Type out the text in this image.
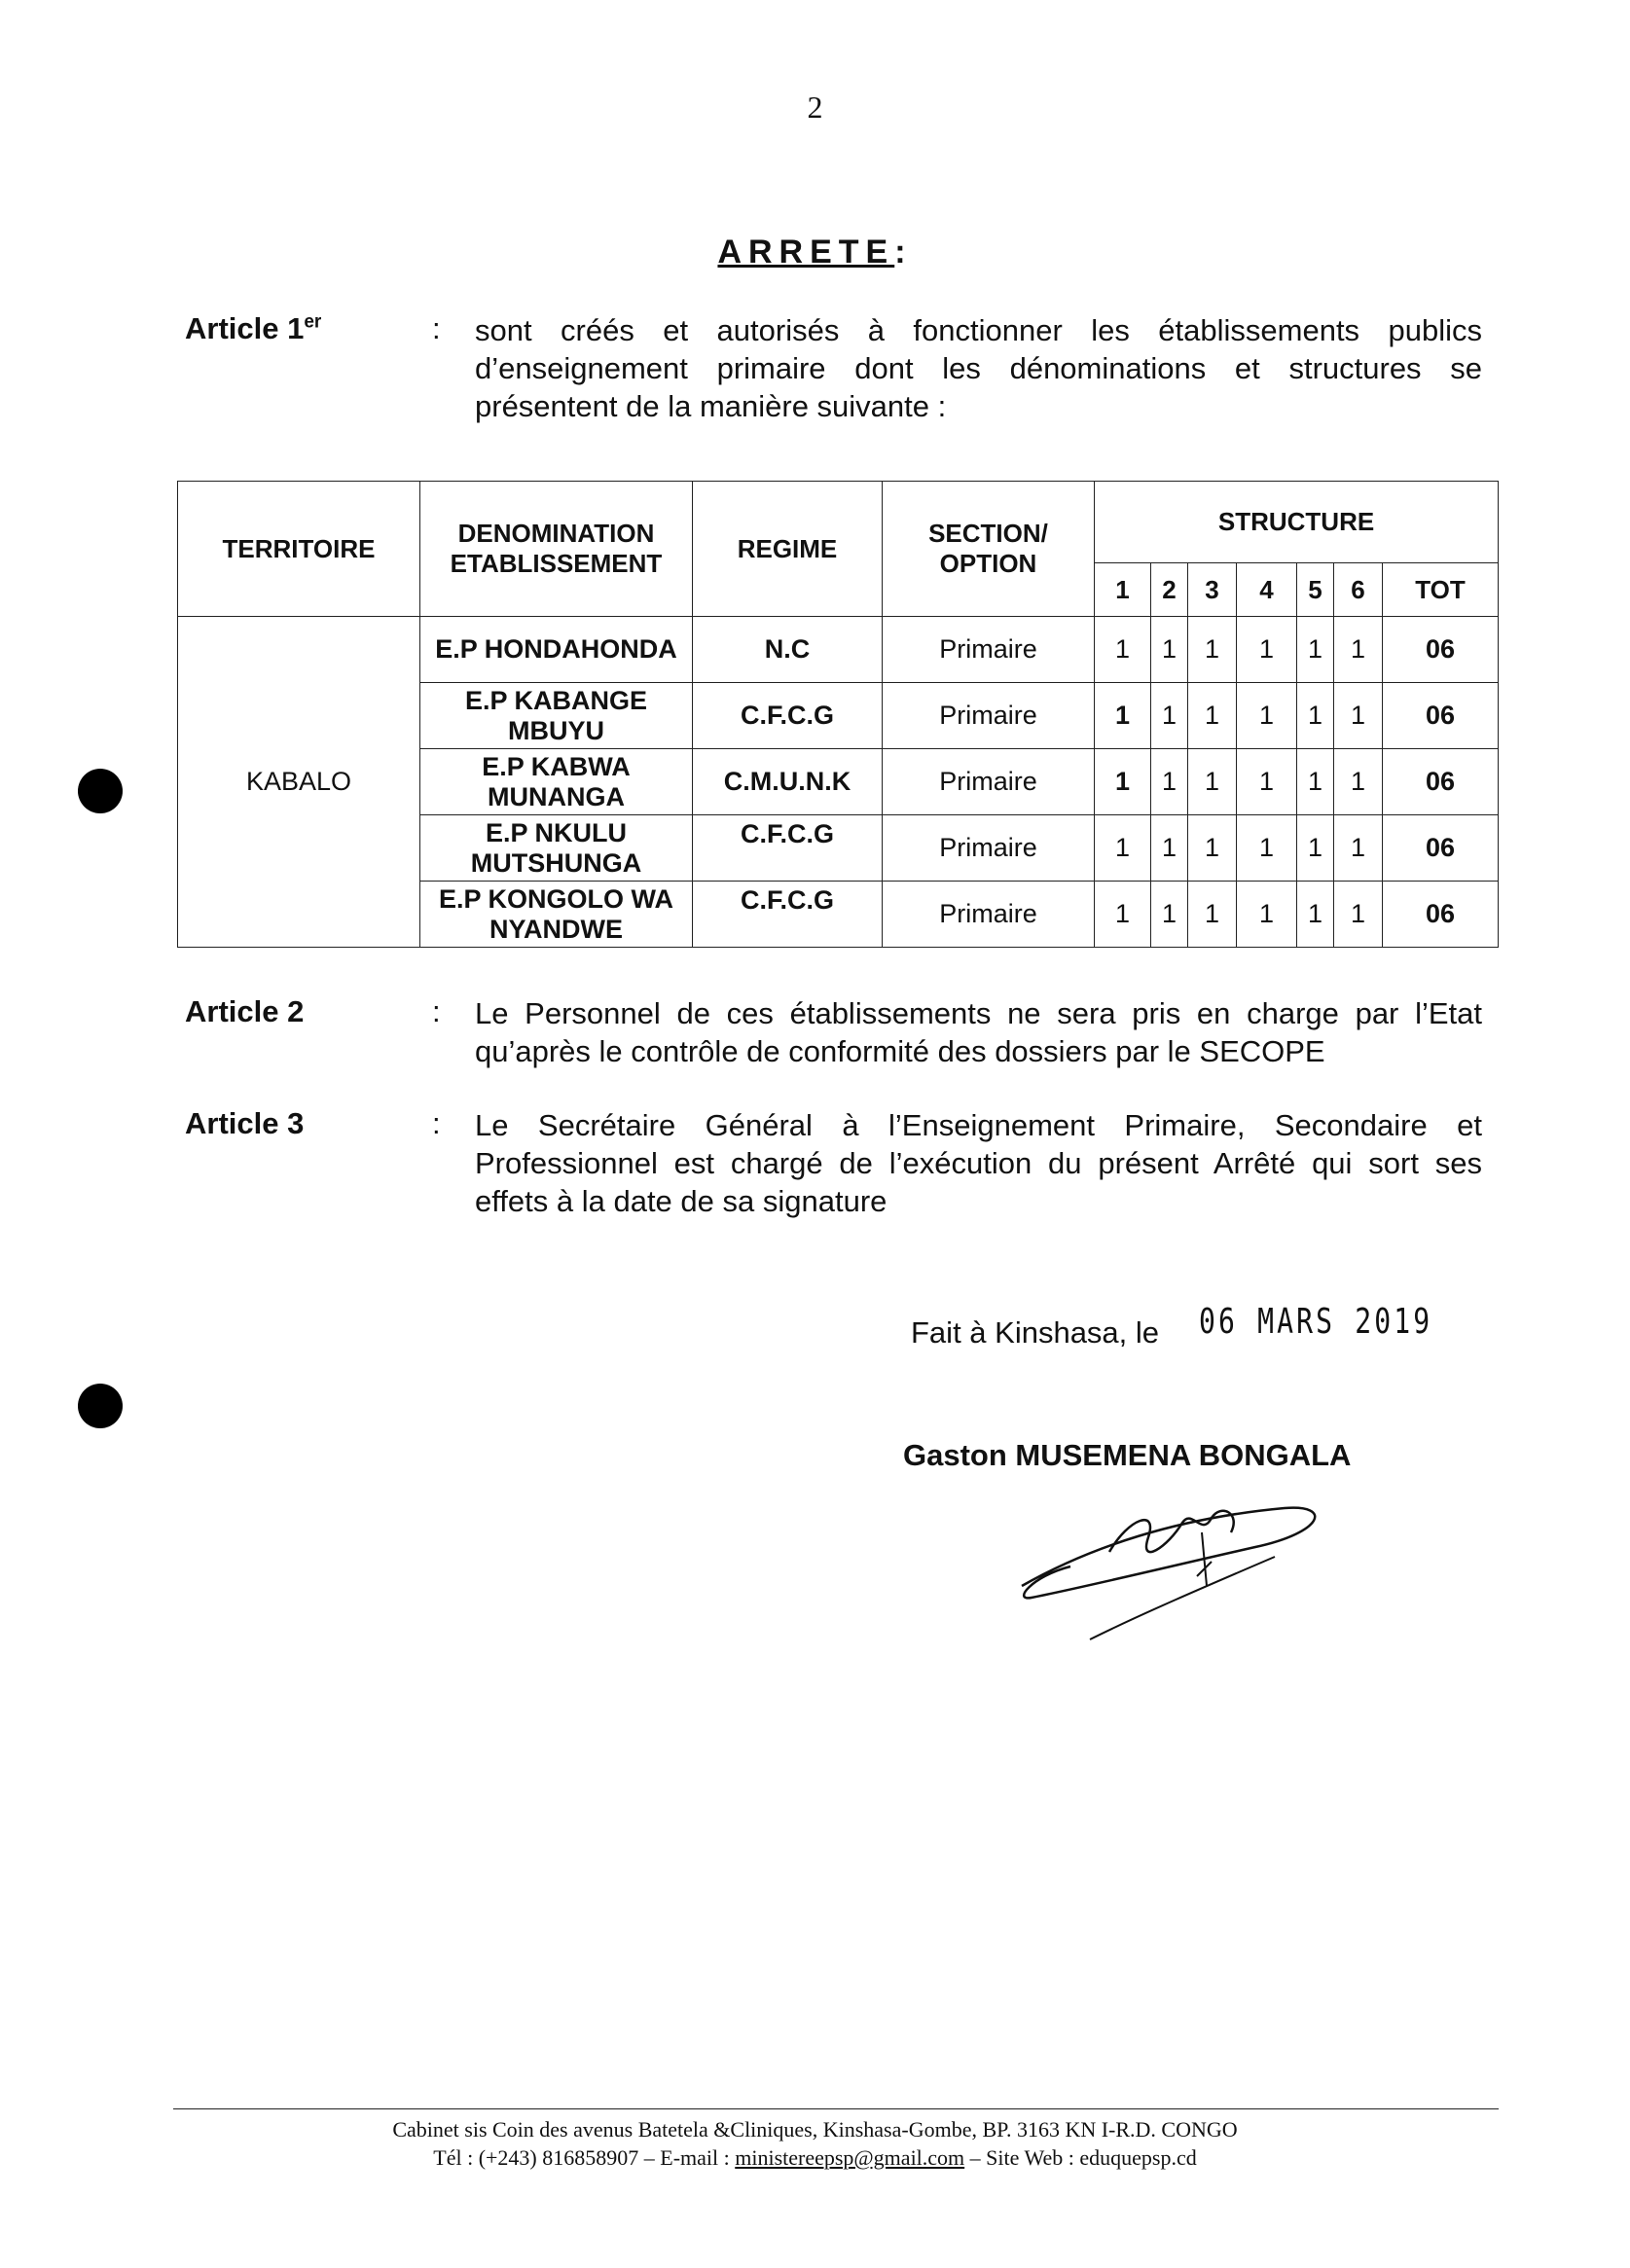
2
ARRETE:
Article 1er	: sont créés et autorisés à fonctionner les établissements publics
d’enseignement primaire dont les dénominations et structures se
présentent de la manière suivante :
TERRITOIRE	DENOMINATION ETABLISSEMENT	REGIME	SECTION/ OPTION	STRUCTURE						
				1	2	3	4	5	6	TOT
KABALO	E.P HONDAHONDA	N.C	Primaire	1	1	1	1	1	1	06
	E.P KABANGE MBUYU	C.F.C.G	Primaire	1	1	1	1	1	1	06
	E.P KABWA MUNANGA	C.M.U.N.K	Primaire	1	1	1	1	1	1	06
	E.P NKULU MUTSHUNGA	C.F.C.G	Primaire	1	1	1	1	1	1	06
	E.P KONGOLO WA NYANDWE	C.F.C.G	Primaire	1	1	1	1	1	1	06
Article 2	: Le Personnel de ces établissements ne sera pris en charge par l’Etat
qu’après le contrôle de conformité des dossiers par le SECOPE
Article 3	: Le Secrétaire Général à l’Enseignement Primaire, Secondaire et
Professionnel est chargé de l’exécution du présent Arrêté qui sort ses
effets à la date de sa signature
Fait à Kinshasa, le 06 MARS 2019
Gaston MUSEMENA BONGALA
Cabinet sis Coin des avenus Batetela &Cliniques, Kinshasa-Gombe, BP. 3163 KN I-R.D. CONGO
Tél : (+243) 816858907 – E-mail : ministereepsp@gmail.com – Site Web : eduquepsp.cd
